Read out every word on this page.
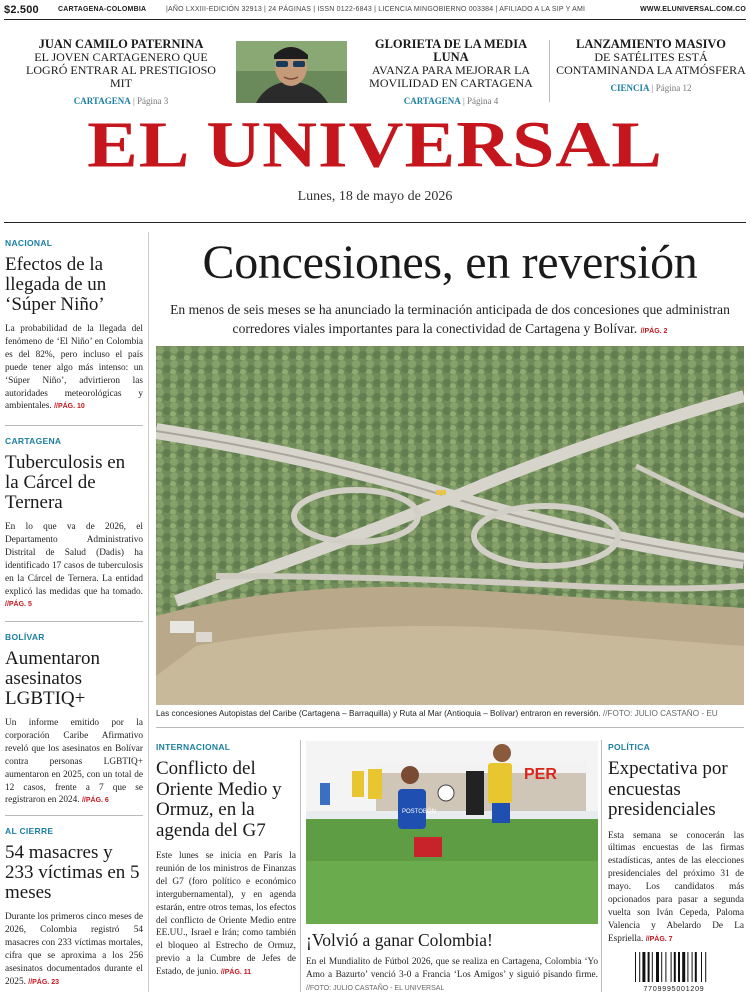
$2.500	CARTAGENA-COLOMBIA	|AÑO LXXIII-EDICIÓN 32913 | 24 PÁGINAS | ISSN 0122-6843 | LICENCIA MINGOBIERNO 003384 | AFILIADO A LA SIP Y AMI	WWW.ELUNIVERSAL.COM.CO
JUAN CAMILO PATERNINA
EL JOVEN CARTAGENERO QUE LOGRÓ ENTRAR AL PRESTIGIOSO MIT
CARTAGENA | Página 3
GLORIETA DE LA MEDIA LUNA
AVANZA PARA MEJORAR LA MOVILIDAD EN CARTAGENA
CARTAGENA | Página 4
LANZAMIENTO MASIVO
DE SATÉLITES ESTÁ CONTAMINANDA LA ATMÓSFERA
CIENCIA | Página 12
EL UNIVERSAL
Lunes, 18 de mayo de 2026
NACIONAL
Efectos de la llegada de un ‘Súper Niño’
La probabilidad de la llegada del fenómeno de ‘El Niño’ en Colombia es del 82%, pero incluso el país puede tener algo más intenso: un ‘Súper Niño’, advirtieron las autoridades meteorológicas y ambientales. //PÁG. 10
CARTAGENA
Tuberculosis en la Cárcel de Ternera
En lo que va de 2026, el Departamento Administrativo Distrital de Salud (Dadis) ha identificado 17 casos de tuberculosis en la Cárcel de Ternera. La entidad explicó las medidas que ha tomado. //PÁG. 5
BOLÍVAR
Aumentaron asesinatos LGBTIQ+
Un informe emitido por la corporación Caribe Afirmativo reveló que los asesinatos en Bolívar contra personas LGBTIQ+ aumentaron en 2025, con un total de 12 casos, frente a 7 que se registraron en 2024. //PÁG. 6
AL CIERRE
54 masacres y 233 víctimas en 5 meses
Durante los primeros cinco meses de 2026, Colombia registró 54 masacres con 233 víctimas mortales, cifra que se aproxima a los 256 asesinatos documentados durante el 2025. //PÁG. 23
Concesiones, en reversión
En menos de seis meses se ha anunciado la terminación anticipada de dos concesiones que administran corredores viales importantes para la conectividad de Cartagena y Bolívar. //PÁG. 2
Las concesiones Autopistas del Caribe (Cartagena – Barraquilla) y Ruta al Mar (Antioquia – Bolívar) entraron en reversión. //FOTO: JULIO CASTAÑO - EU
INTERNACIONAL
Conflicto del Oriente Medio y Ormuz, en la agenda del G7
Este lunes se inicia en París la reunión de los ministros de Finanzas del G7 (foro político e económico intergubernamental), y en agenda estarán, entre otros temas, los efectos del conflicto de Oriente Medio entre EE.UU., Israel e Irán; como también el bloqueo al Estrecho de Ormuz, previo a la Cumbre de Jefes de Estado, de junio. //PÁG. 11
PER
POSTOBÓN
¡Volvió a ganar Colombia!
En el Mundialito de Fútbol 2026, que se realiza en Cartagena, Colombia ‘Yo Amo a Bazurto’ venció 3-0 a Francia ‘Los Amigos’ y siguió pisando firme. //FOTO: JULIO CASTAÑO - EL UNIVERSAL
POLÍTICA
Expectativa por encuestas presidenciales
Esta semana se conocerán las últimas encuestas de las firmas estadísticas, antes de las elecciones presidenciales del próximo 31 de mayo. Los candidatos más opcionados para pasar a segunda vuelta son Iván Cepeda, Paloma Valencia y Abelardo De La Espriella. //PÁG. 7
7709995001209
